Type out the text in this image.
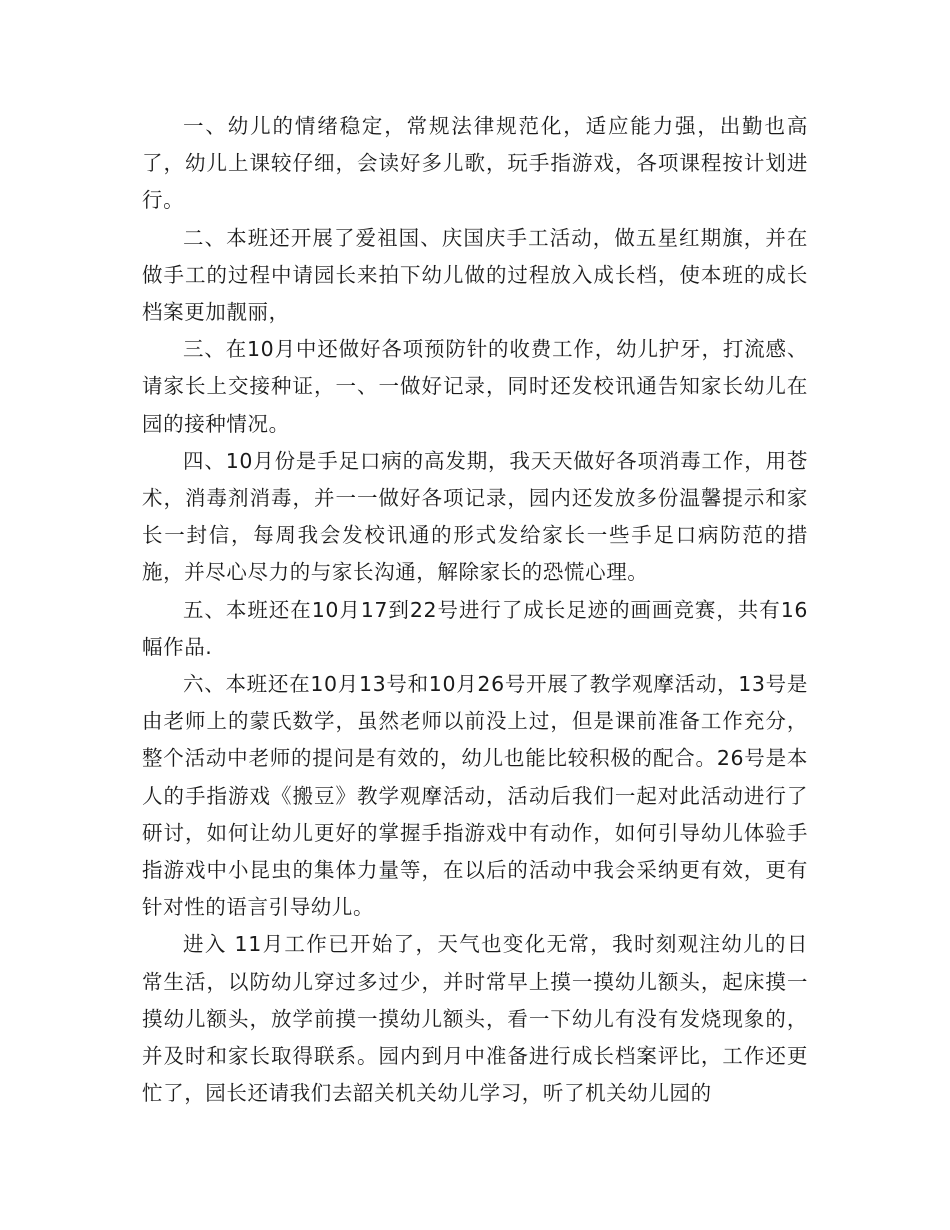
一、幼儿的情绪稳定，常规法律规范化，适应能力强，出勤也高了，幼儿上课较仔细，会读好多儿歌，玩手指游戏，各项课程按计划进行。

二、本班还开展了爱祖国、庆国庆手工活动，做五星红期旗，并在做手工的过程中请园长来拍下幼儿做的过程放入成长档，使本班的成长档案更加靓丽，

三、在10月中还做好各项预防针的收费工作，幼儿护牙，打流感、请家长上交接种证，一、一做好记录，同时还发校讯通告知家长幼儿在园的接种情况。

四、10月份是手足口病的高发期，我天天做好各项消毒工作，用苍术，消毒剂消毒，并一一做好各项记录，园内还发放多份温馨提示和家长一封信，每周我会发校讯通的形式发给家长一些手足口病防范的措施，并尽心尽力的与家长沟通，解除家长的恐慌心理。

五、本班还在10月17到22号进行了成长足迹的画画竞赛，共有16幅作品.

六、本班还在10月13号和10月26号开展了教学观摩活动，13号是由老师上的蒙氏数学，虽然老师以前没上过，但是课前准备工作充分，整个活动中老师的提问是有效的，幼儿也能比较积极的配合。26号是本人的手指游戏《搬豆》教学观摩活动，活动后我们一起对此活动进行了研讨，如何让幼儿更好的掌握手指游戏中有动作，如何引导幼儿体验手指游戏中小昆虫的集体力量等，在以后的活动中我会采纳更有效，更有针对性的语言引导幼儿。

进入 11月工作已开始了，天气也变化无常，我时刻观注幼儿的日常生活，以防幼儿穿过多过少，并时常早上摸一摸幼儿额头，起床摸一摸幼儿额头，放学前摸一摸幼儿额头，看一下幼儿有没有发烧现象的，并及时和家长取得联系。园内到月中准备进行成长档案评比，工作还更忙了，园长还请我们去韶关机关幼儿学习，听了机关幼儿园的
